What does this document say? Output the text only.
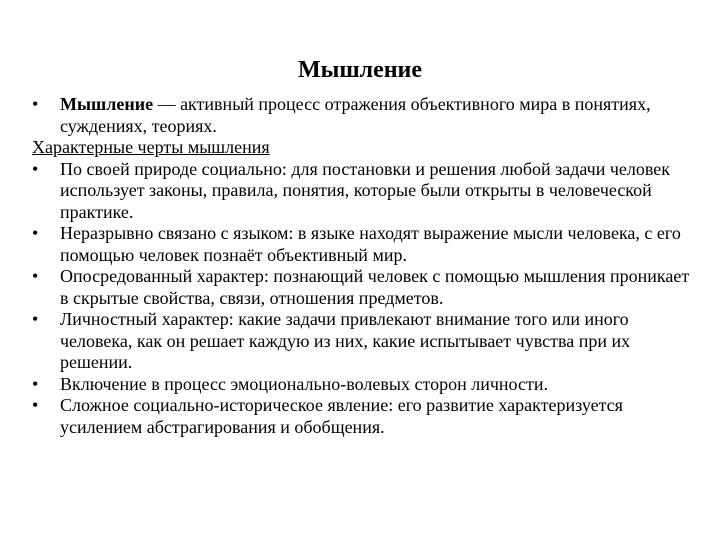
Мышление

•	Мышление — активный процесс отражения объективного мира в понятиях, суждениях, теориях.

Характерные черты мышления

•	По своей природе социально: для постановки и решения любой задачи человек использует законы, правила, понятия, которые были открыты в человеческой практике.

•	Неразрывно связано с языком: в языке находят выражение мысли человека, с его помощью человек познаёт объективный мир.

•	Опосредованный характер: познающий человек с помощью мышления проникает в скрытые свойства, связи, отношения предметов.

•	Личностный характер: какие задачи привлекают внимание того или иного человека, как он решает каждую из них, какие испытывает чувства при их решении.

•	Включение в процесс эмоционально-волевых сторон личности.

•	Сложное социально-историческое явление: его развитие характеризуется усилением абстрагирования и обобщения.
